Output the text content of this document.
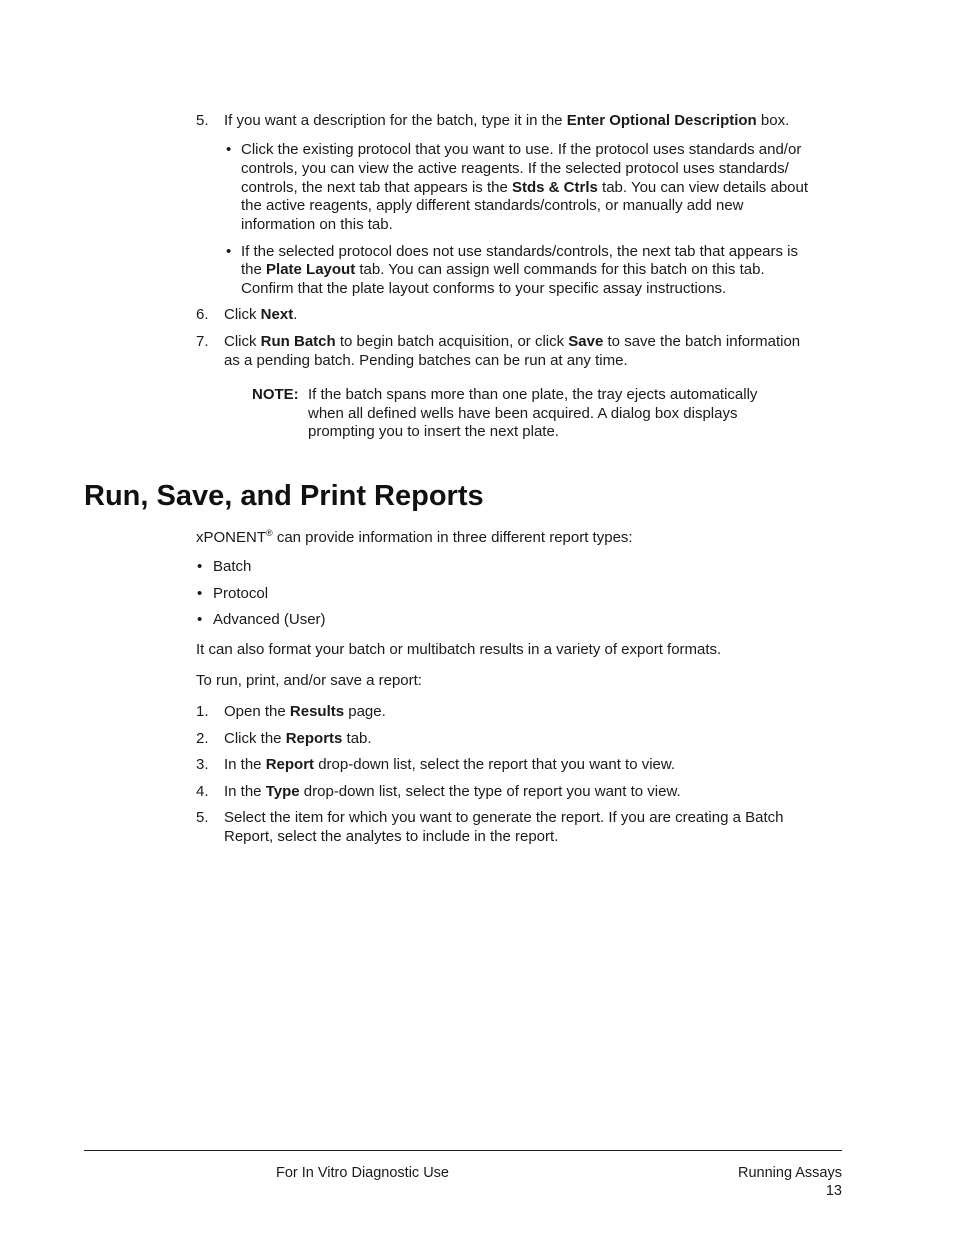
5. If you want a description for the batch, type it in the Enter Optional Description box.
• Click the existing protocol that you want to use. If the protocol uses standards and/or
controls, you can view the active reagents. If the selected protocol uses standards/
controls, the next tab that appears is the Stds & Ctrls tab. You can view details about
the active reagents, apply different standards/controls, or manually add new
information on this tab.
• If the selected protocol does not use standards/controls, the next tab that appears is
the Plate Layout tab. You can assign well commands for this batch on this tab.
Confirm that the plate layout conforms to your specific assay instructions.
6. Click Next.
7. Click Run Batch to begin batch acquisition, or click Save to save the batch information
as a pending batch. Pending batches can be run at any time.
NOTE: If the batch spans more than one plate, the tray ejects automatically
when all defined wells have been acquired. A dialog box displays
prompting you to insert the next plate.
Run, Save, and Print Reports
xPONENT® can provide information in three different report types:
• Batch
• Protocol
• Advanced (User)
It can also format your batch or multibatch results in a variety of export formats.
To run, print, and/or save a report:
1. Open the Results page.
2. Click the Reports tab.
3. In the Report drop-down list, select the report that you want to view.
4. In the Type drop-down list, select the type of report you want to view.
5. Select the item for which you want to generate the report. If you are creating a Batch
Report, select the analytes to include in the report.
For In Vitro Diagnostic Use	Running Assays
13
